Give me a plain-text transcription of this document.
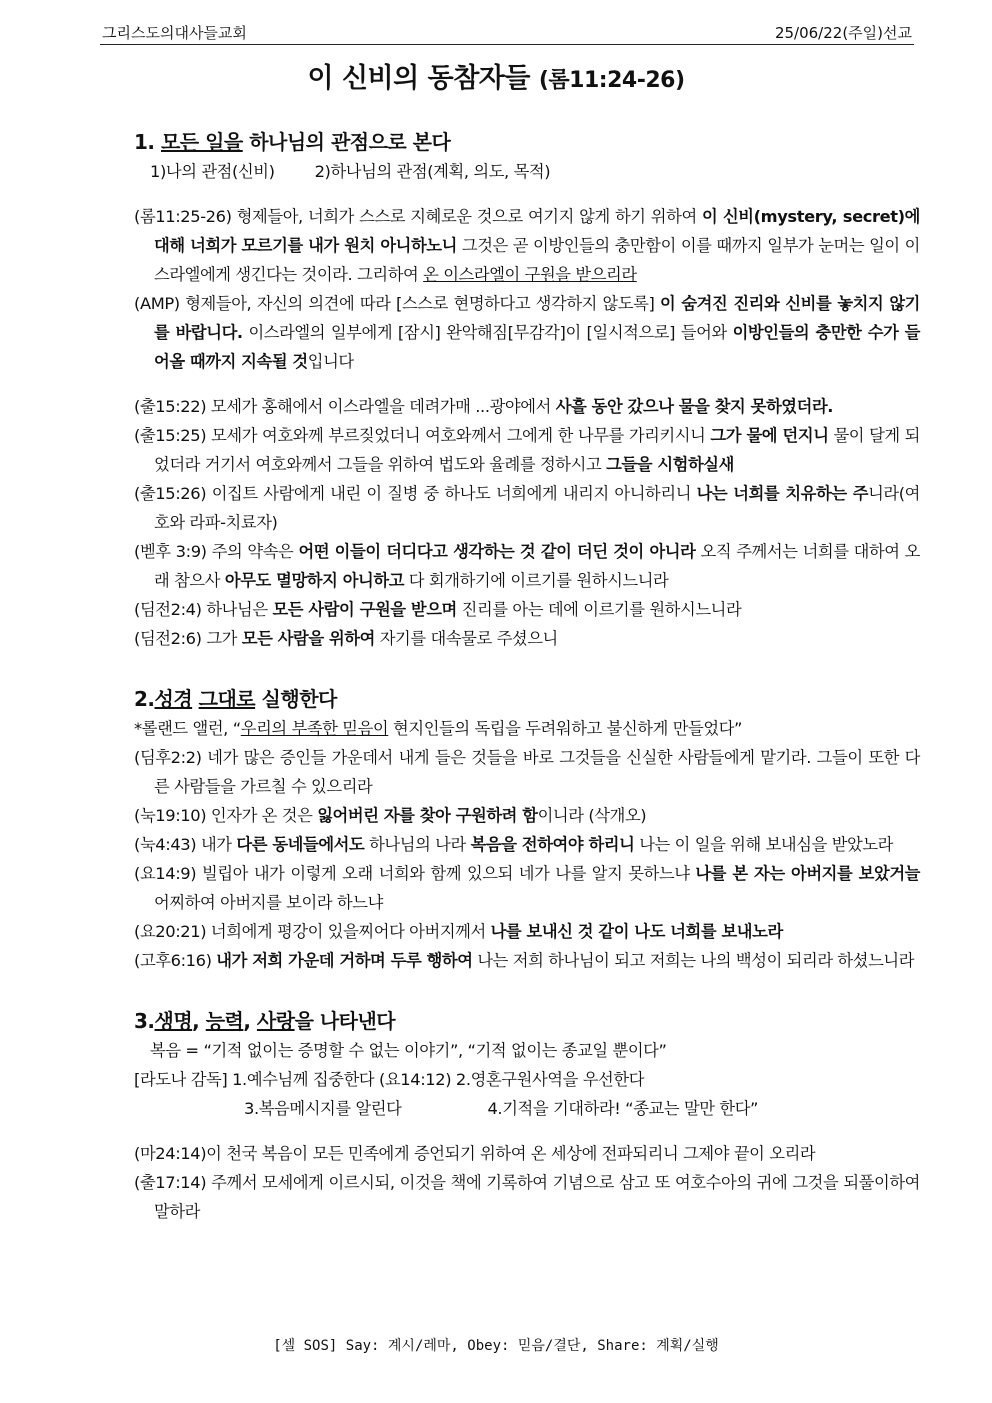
그리스도의대사들교회	25/06/22(주일)선교
이 신비의 동참자들 (롬11:24-26)
1. 모든 일을 하나님의 관점으로 본다
1)나의 관점(신비) 2)하나님의 관점(계획, 의도, 목적)
(롬11:25-26) 형제들아, 너희가 스스로 지혜로운 것으로 여기지 않게 하기 위하여 이 신비(mystery, secret)에 대해 너희가 모르기를 내가 원치 아니하노니 그것은 곧 이방인들의 충만함이 이를 때까지 일부가 눈머는 일이 이스라엘에게 생긴다는 것이라. 그리하여 온 이스라엘이 구원을 받으리라
(AMP) 형제들아, 자신의 의견에 따라 [스스로 현명하다고 생각하지 않도록] 이 숨겨진 진리와 신비를 놓치지 않기를 바랍니다. 이스라엘의 일부에게 [잠시] 완악해짐[무감각]이 [일시적으로] 들어와 이방인들의 충만한 수가 들어올 때까지 지속될 것입니다
(출15:22) 모세가 홍해에서 이스라엘을 데려가매 ...광야에서 사흘 동안 갔으나 물을 찾지 못하였더라.
(출15:25) 모세가 여호와께 부르짖었더니 여호와께서 그에게 한 나무를 가리키시니 그가 물에 던지니 물이 달게 되었더라 거기서 여호와께서 그들을 위하여 법도와 율례를 정하시고 그들을 시험하실새
(출15:26) 이집트 사람에게 내린 이 질병 중 하나도 너희에게 내리지 아니하리니 나는 너희를 치유하는 주니라(여호와 라파-치료자)
(벧후 3:9) 주의 약속은 어떤 이들이 더디다고 생각하는 것 같이 더딘 것이 아니라 오직 주께서는 너희를 대하여 오래 참으사 아무도 멸망하지 아니하고 다 회개하기에 이르기를 원하시느니라
(딤전2:4) 하나님은 모든 사람이 구원을 받으며 진리를 아는 데에 이르기를 원하시느니라
(딤전2:6) 그가 모든 사람을 위하여 자기를 대속물로 주셨으니
2.성경 그대로 실행한다
*롤랜드 앨런, “우리의 부족한 믿음이 현지인들의 독립을 두려워하고 불신하게 만들었다”
(딤후2:2) 네가 많은 증인들 가운데서 내게 들은 것들을 바로 그것들을 신실한 사람들에게 맡기라. 그들이 또한 다른 사람들을 가르칠 수 있으리라
(눅19:10) 인자가 온 것은 잃어버린 자를 찾아 구원하려 함이니라 (삭개오)
(눅4:43) 내가 다른 동네들에서도 하나님의 나라 복음을 전하여야 하리니 나는 이 일을 위해 보내심을 받았노라
(요14:9) 빌립아 내가 이렇게 오래 너희와 함께 있으되 네가 나를 알지 못하느냐 나를 본 자는 아버지를 보았거늘 어찌하여 아버지를 보이라 하느냐
(요20:21) 너희에게 평강이 있을찌어다 아버지께서 나를 보내신 것 같이 나도 너희를 보내노라
(고후6:16) 내가 저희 가운데 거하며 두루 행하여 나는 저희 하나님이 되고 저희는 나의 백성이 되리라 하셨느니라
3.생명, 능력, 사랑을 나타낸다
복음 = “기적 없이는 증명할 수 없는 이야기”, “기적 없이는 종교일 뿐이다”
[라도나 감독] 1.예수님께 집중한다 (요14:12) 2.영혼구원사역을 우선한다
3.복음메시지를 알린다	4.기적을 기대하라! “종교는 말만 한다”
(마24:14)이 천국 복음이 모든 민족에게 증언되기 위하여 온 세상에 전파되리니 그제야 끝이 오리라
(출17:14) 주께서 모세에게 이르시되, 이것을 책에 기록하여 기념으로 삼고 또 여호수아의 귀에 그것을 되풀이하여 말하라
[셀 SOS] Say: 계시/레마, Obey: 믿음/결단, Share: 계획/실행
